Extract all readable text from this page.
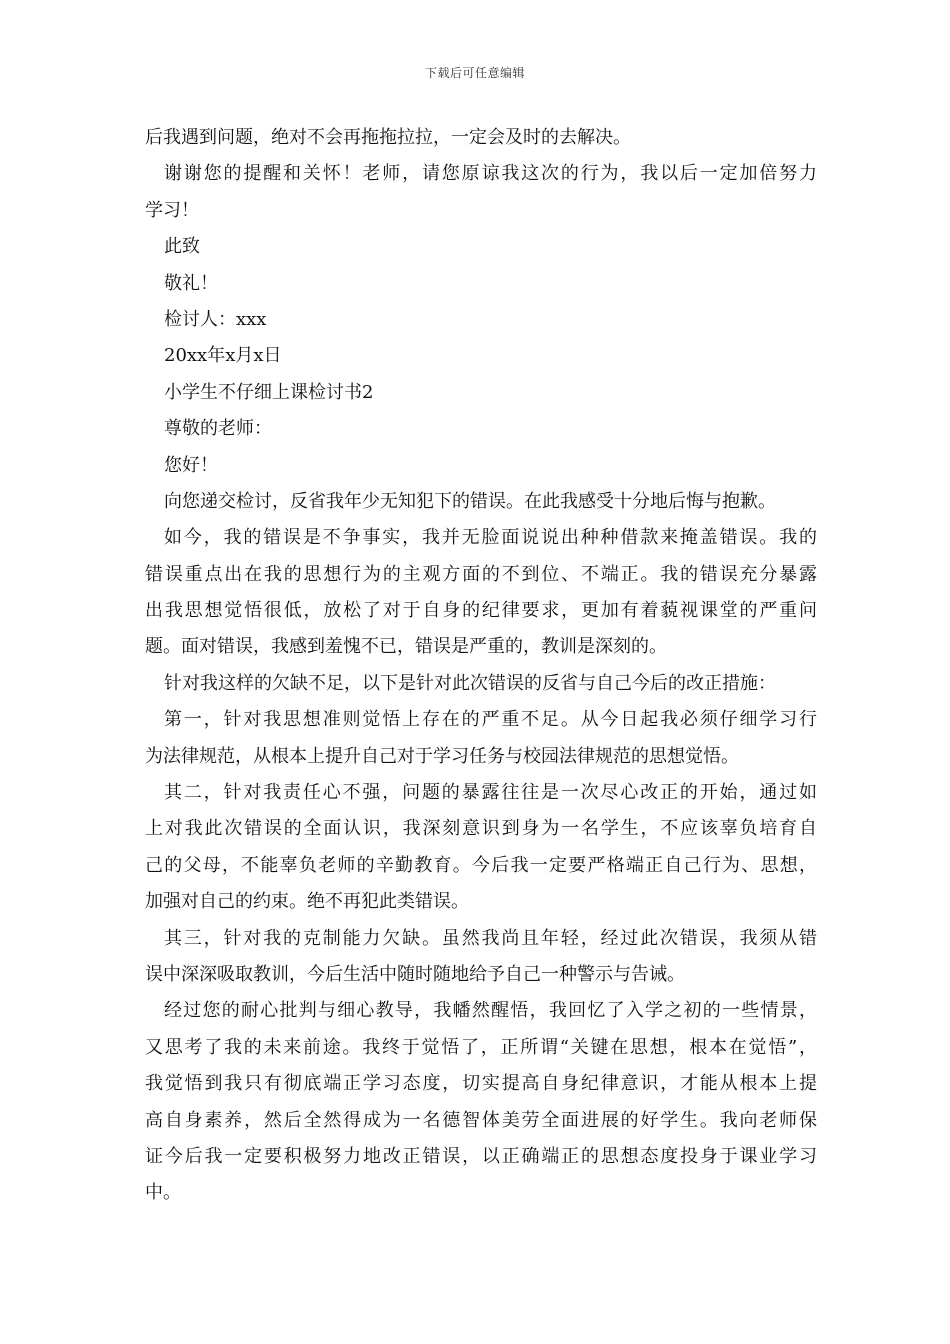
下载后可任意编辑
后我遇到问题，绝对不会再拖拖拉拉，一定会及时的去解决。
谢谢您的提醒和关怀！老师，请您原谅我这次的行为，我以后一定加倍努力
学习！
此致
敬礼！
检讨人：xxx
20xx年x月x日
小学生不仔细上课检讨书2
尊敬的老师：
您好！
向您递交检讨，反省我年少无知犯下的错误。在此我感受十分地后悔与抱歉。
如今，我的错误是不争事实，我并无脸面说说出种种借款来掩盖错误。我的
错误重点出在我的思想行为的主观方面的不到位、不端正。我的错误充分暴露
出我思想觉悟很低，放松了对于自身的纪律要求，更加有着藐视课堂的严重问
题。面对错误，我感到羞愧不已，错误是严重的，教训是深刻的。
针对我这样的欠缺不足，以下是针对此次错误的反省与自己今后的改正措施：
第一，针对我思想准则觉悟上存在的严重不足。从今日起我必须仔细学习行
为法律规范，从根本上提升自己对于学习任务与校园法律规范的思想觉悟。
其二，针对我责任心不强，问题的暴露往往是一次尽心改正的开始，通过如
上对我此次错误的全面认识，我深刻意识到身为一名学生，不应该辜负培育自
己的父母，不能辜负老师的辛勤教育。今后我一定要严格端正自己行为、思想，
加强对自己的约束。绝不再犯此类错误。
其三，针对我的克制能力欠缺。虽然我尚且年轻，经过此次错误，我须从错
误中深深吸取教训，今后生活中随时随地给予自己一种警示与告诫。
经过您的耐心批判与细心教导，我幡然醒悟，我回忆了入学之初的一些情景，
又思考了我的未来前途。我终于觉悟了，正所谓“关键在思想，根本在觉悟”，
我觉悟到我只有彻底端正学习态度，切实提高自身纪律意识，才能从根本上提
高自身素养，然后全然得成为一名德智体美劳全面进展的好学生。我向老师保
证今后我一定要积极努力地改正错误，以正确端正的思想态度投身于课业学习
中。
